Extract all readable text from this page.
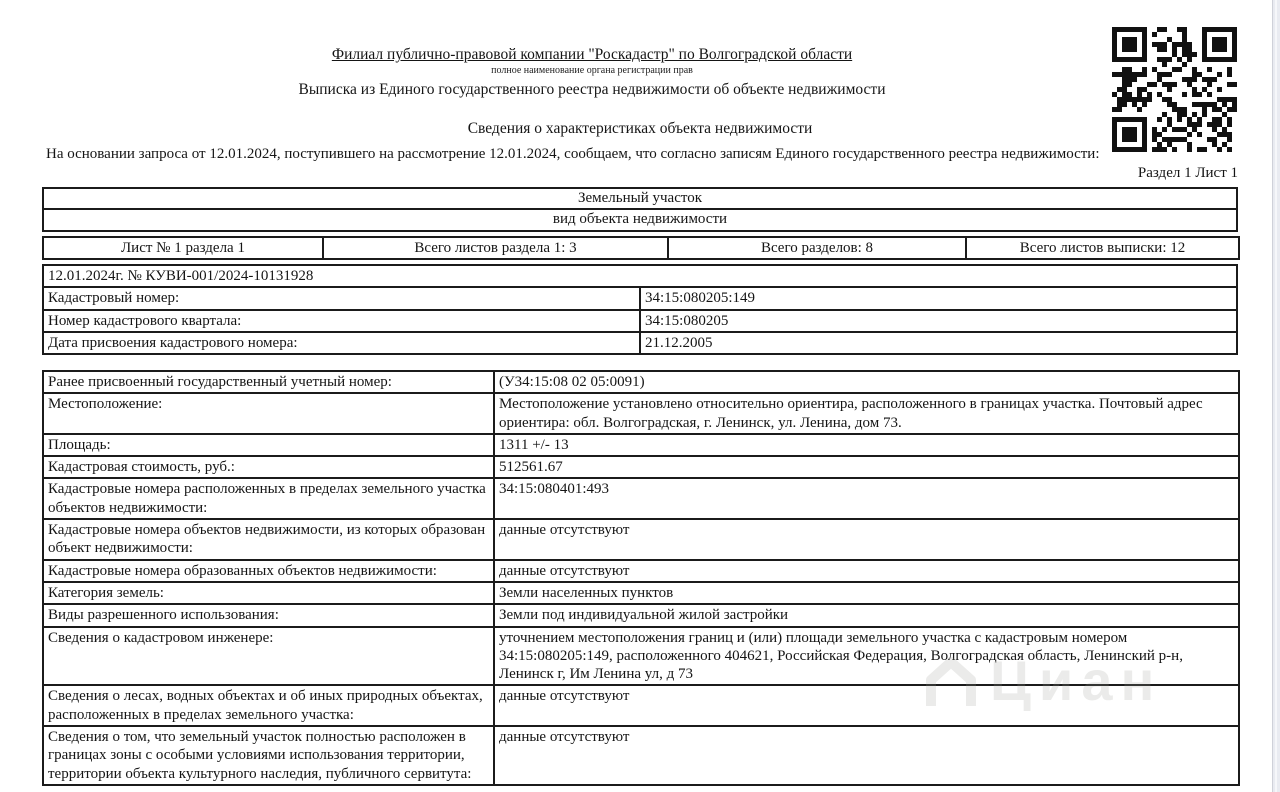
Филиал публично-правовой компании "Роскадастр" по Волгоградской области
полное наименование органа регистрации прав
Выписка из Единого государственного реестра недвижимости об объекте недвижимости
Сведения о характеристиках объекта недвижимости
На основании запроса от 12.01.2024, поступившего на рассмотрение 12.01.2024, сообщаем, что согласно записям Единого государственного реестра недвижимости:
Раздел 1 Лист 1
Земельный участок
вид объекта недвижимости
Лист № 1 раздела 1	Всего листов раздела 1: 3	Всего разделов: 8	Всего листов выписки: 12
12.01.2024г. № КУВИ-001/2024-10131928	
Кадастровый номер:	34:15:080205:149
Номер кадастрового квартала:	34:15:080205
Дата присвоения кадастрового номера:	21.12.2005
Ранее присвоенный государственный учетный номер:	(У34:15:08 02 05:0091)
Местоположение:	Местоположение установлено относительно ориентира, расположенного в границах участка. Почтовый адрес ориентира: обл. Волгоградская, г. Ленинск, ул. Ленина, дом 73.
Площадь:	1311 +/- 13
Кадастровая стоимость, руб.:	512561.67
Кадастровые номера расположенных в пределах земельного участка объектов недвижимости:	34:15:080401:493
Кадастровые номера объектов недвижимости, из которых образован объект недвижимости:	данные отсутствуют
Кадастровые номера образованных объектов недвижимости:	данные отсутствуют
Категория земель:	Земли населенных пунктов
Виды разрешенного использования:	Земли под индивидуальной жилой застройки
Сведения о кадастровом инженере:	уточнением местоположения границ и (или) площади земельного участка с кадастровым номером 34:15:080205:149, расположенного 404621, Российская Федерация, Волгоградская область, Ленинский р-н, Ленинск г, Им Ленина ул, д 73
Сведения о лесах, водных объектах и об иных природных объектах, расположенных в пределах земельного участка:	данные отсутствуют
Сведения о том, что земельный участок полностью расположен в границах зоны с особыми условиями использования территории, территории объекта культурного наследия, публичного сервитута:	данные отсутствуют
Циан
